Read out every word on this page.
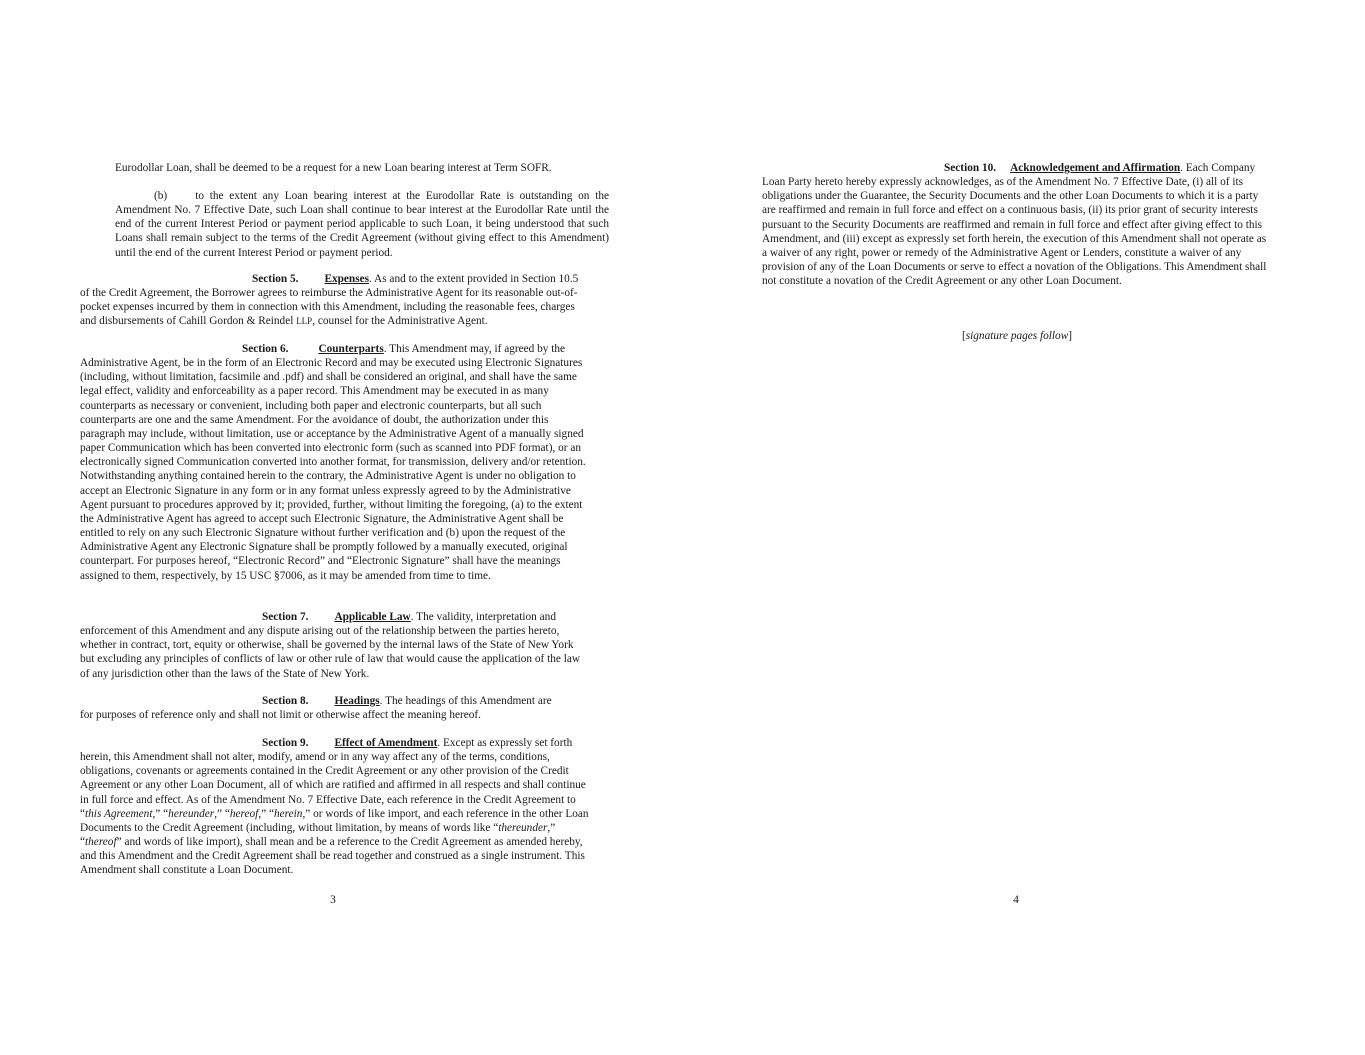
Eurodollar Loan, shall be deemed to be a request for a new Loan bearing interest at Term SOFR.

(b) to the extent any Loan bearing interest at the Eurodollar Rate is outstanding on the Amendment No. 7 Effective Date, such Loan shall continue to bear interest at the Eurodollar Rate until the end of the current Interest Period or payment period applicable to such Loan, it being understood that such Loans shall remain subject to the terms of the Credit Agreement (without giving effect to this Amendment) until the end of the current Interest Period or payment period.

Section 5. Expenses. As and to the extent provided in Section 10.5 of the Credit Agreement, the Borrower agrees to reimburse the Administrative Agent for its reasonable out-of-pocket expenses incurred by them in connection with this Amendment, including the reasonable fees, charges and disbursements of Cahill Gordon & Reindel LLP, counsel for the Administrative Agent.

Section 6.	Counterparts. This Amendment may, if agreed by the Administrative Agent, be in the form of an Electronic Record and may be executed using Electronic Signatures (including, without limitation, facsimile and .pdf) and shall be considered an original, and shall have the same legal effect, validity and enforceability as a paper record. This Amendment may be executed in as many counterparts as necessary or convenient, including both paper and electronic counterparts, but all such counterparts are one and the same Amendment. For the avoidance of doubt, the authorization under this paragraph may include, without limitation, use or acceptance by the Administrative Agent of a manually signed paper Communication which has been converted into electronic form (such as scanned into PDF format), or an electronically signed Communication converted into another format, for transmission, delivery and/or retention. Notwithstanding anything contained herein to the contrary, the Administrative Agent is under no obligation to accept an Electronic Signature in any form or in any format unless expressly agreed to by the Administrative Agent pursuant to procedures approved by it; provided, further, without limiting the foregoing, (a) to the extent the Administrative Agent has agreed to accept such Electronic Signature, the Administrative Agent shall be entitled to rely on any such Electronic Signature without further verification and (b) upon the request of the Administrative Agent any Electronic Signature shall be promptly followed by a manually executed, original counterpart. For purposes hereof, “Electronic Record” and “Electronic Signature” shall have the meanings assigned to them, respectively, by 15 USC §7006, as it may be amended from time to time.

Section 7. Applicable Law. The validity, interpretation and enforcement of this Amendment and any dispute arising out of the relationship between the parties hereto, whether in contract, tort, equity or otherwise, shall be governed by the internal laws of the State of New York but excluding any principles of conflicts of law or other rule of law that would cause the application of the law of any jurisdiction other than the laws of the State of New York.

Section 8. Headings. The headings of this Amendment are for purposes of reference only and shall not limit or otherwise affect the meaning hereof.

Section 9. Effect of Amendment. Except as expressly set forth herein, this Amendment shall not alter, modify, amend or in any way affect any of the terms, conditions, obligations, covenants or agreements contained in the Credit Agreement or any other provision of the Credit Agreement or any other Loan Document, all of which are ratified and affirmed in all respects and shall continue in full force and effect. As of the Amendment No. 7 Effective Date, each reference in the Credit Agreement to “this Agreement,” “hereunder,” “hereof,” “herein,” or words of like import, and each reference in the other Loan Documents to the Credit Agreement (including, without limitation, by means of words like “thereunder,” “thereof” and words of like import), shall mean and be a reference to the Credit Agreement as amended hereby, and this Amendment and the Credit Agreement shall be read together and construed as a single instrument. This Amendment shall constitute a Loan Document.

3

Section 10. Acknowledgement and Affirmation. Each Company Loan Party hereto hereby expressly acknowledges, as of the Amendment No. 7 Effective Date, (i) all of its obligations under the Guarantee, the Security Documents and the other Loan Documents to which it is a party are reaffirmed and remain in full force and effect on a continuous basis, (ii) its prior grant of security interests pursuant to the Security Documents are reaffirmed and remain in full force and effect after giving effect to this Amendment, and (iii) except as expressly set forth herein, the execution of this Amendment shall not operate as a waiver of any right, power or remedy of the Administrative Agent or Lenders, constitute a waiver of any provision of any of the Loan Documents or serve to effect a novation of the Obligations. This Amendment shall not constitute a novation of the Credit Agreement or any other Loan Document.

[signature pages follow]
4
